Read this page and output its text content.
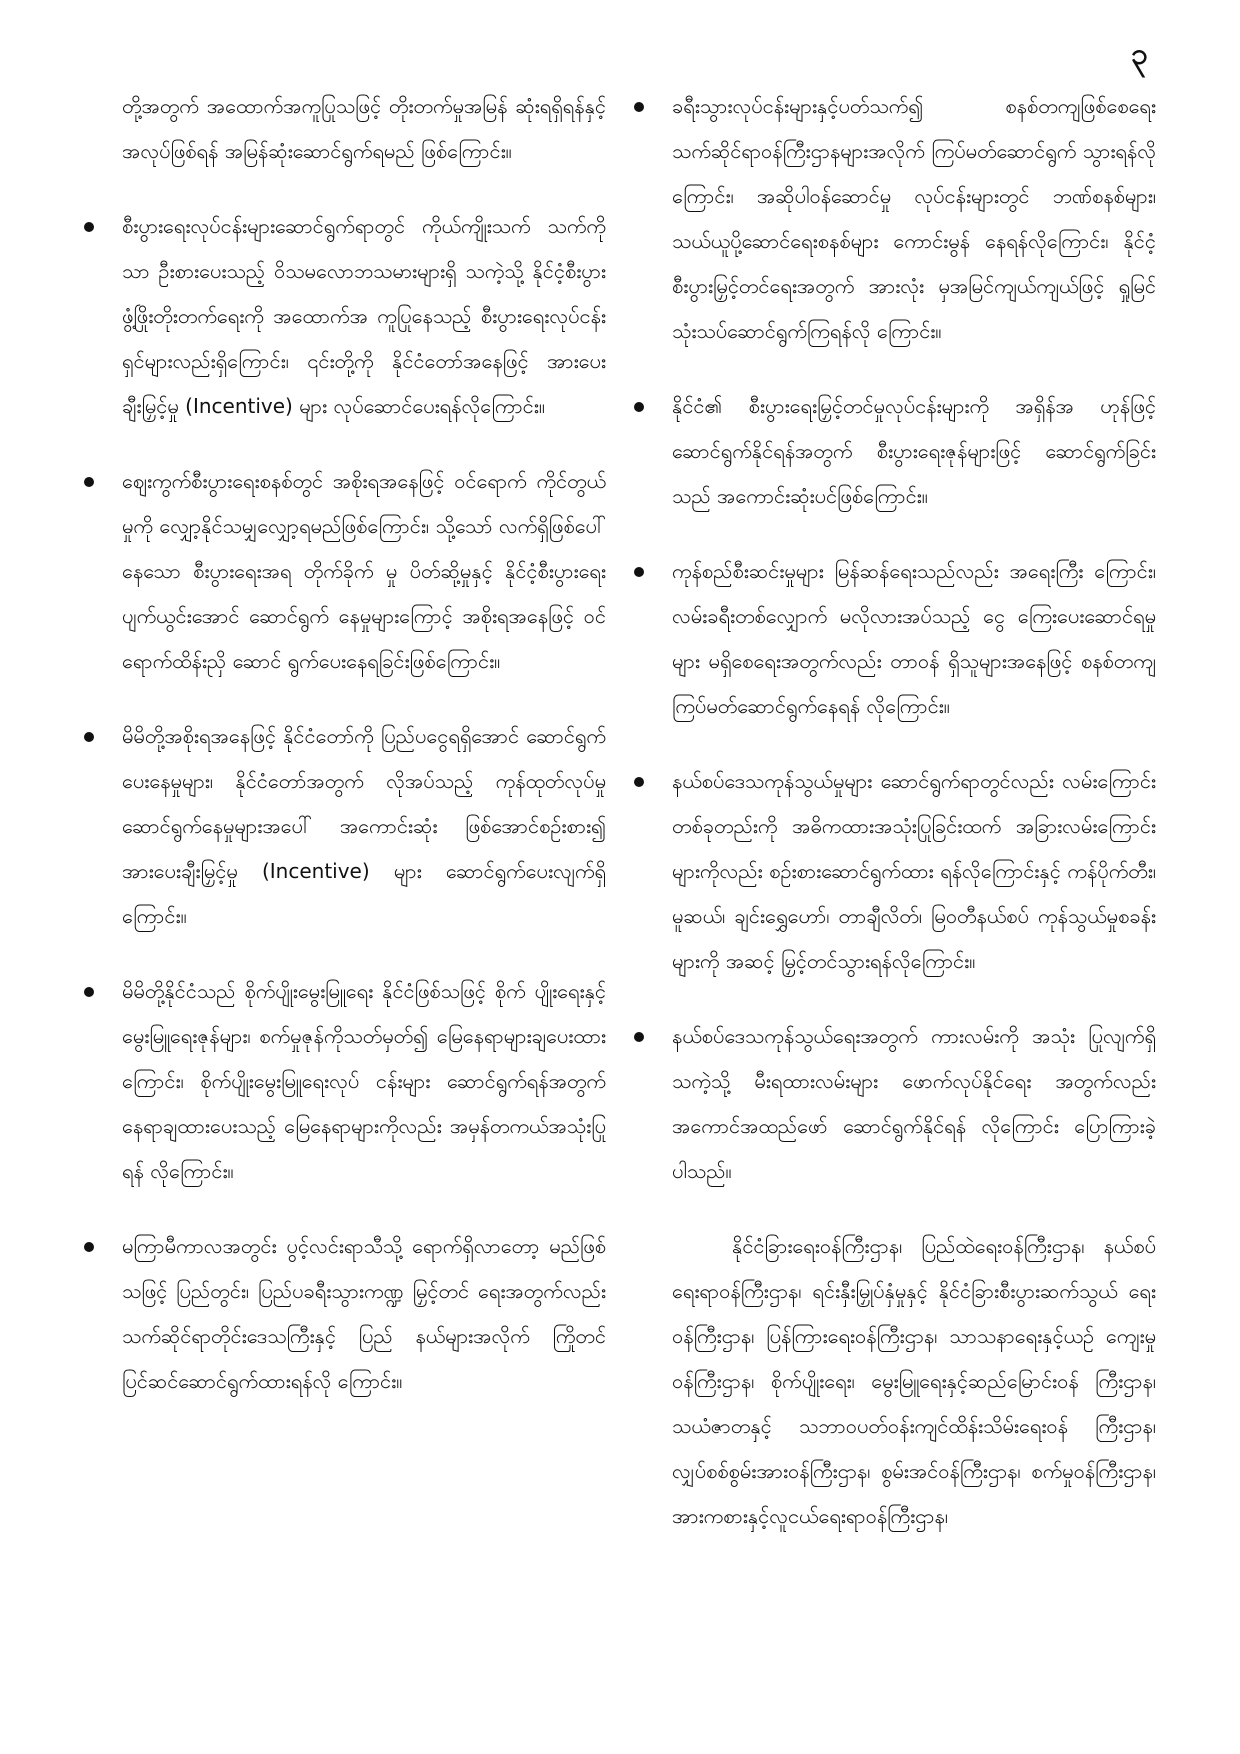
၃

တို့အတွက် အထောက်အကူပြုသဖြင့် တိုးတက်မှုအမြန် ဆုံးရရှိရန်နှင့် အလုပ်ဖြစ်ရန် အမြန်ဆုံးဆောင်ရွက်ရမည် ဖြစ်ကြောင်း။

စီးပွားရေးလုပ်ငန်းများဆောင်ရွက်ရာတွင် ကိုယ်ကျိုးသက် သက်ကိုသာ ဦးစားပေးသည့် ဝိသမလောဘသမားများရှိ သကဲ့သို့ နိုင်ငံ့စီးပွားဖွံ့ဖြိုးတိုးတက်ရေးကို အထောက်အ ကူပြုနေသည့် စီးပွားရေးလုပ်ငန်းရှင်များလည်းရှိကြောင်း၊ ၎င်းတို့ကို နိုင်ငံတော်အနေဖြင့် အားပေးချီးမြှင့်မှု (Incentive) များ လုပ်ဆောင်ပေးရန်လိုကြောင်း။
ဈေးကွက်စီးပွားရေးစနစ်တွင် အစိုးရအနေဖြင့် ဝင်ရောက် ကိုင်တွယ်မှုကို လျှော့နိုင်သမျှလျှော့ရမည်ဖြစ်ကြောင်း၊ သို့သော် လက်ရှိဖြစ်ပေါ်နေသော စီးပွားရေးအရ တိုက်ခိုက် မှု ပိတ်ဆို့မှုနှင့် နိုင်ငံ့စီးပွားရေးပျက်ယွင်းအောင် ဆောင်ရွက် နေမှုများကြောင့် အစိုးရအနေဖြင့် ဝင်ရောက်ထိန်းညှိ ဆောင် ရွက်ပေးနေရခြင်းဖြစ်ကြောင်း။
မိမိတို့အစိုးရအနေဖြင့် နိုင်ငံတော်ကို ပြည်ပငွေရရှိအောင် ဆောင်ရွက်ပေးနေမှုများ၊ နိုင်ငံတော်အတွက် လိုအပ်သည့် ကုန်ထုတ်လုပ်မှု ဆောင်ရွက်နေမှုများအပေါ် အကောင်းဆုံး ဖြစ်အောင်စဉ်းစား၍ အားပေးချီးမြှင့်မှု (Incentive) များ ဆောင်ရွက်ပေးလျက်ရှိကြောင်း။
မိမိတို့နိုင်ငံသည် စိုက်ပျိုးမွေးမြူရေး နိုင်ငံဖြစ်သဖြင့် စိုက် ပျိုးရေးနှင့် မွေးမြူရေးဇုန်များ၊ စက်မှုဇုန်ကိုသတ်မှတ်၍ မြေနေရာများချပေးထားကြောင်း၊ စိုက်ပျိုးမွေးမြူရေးလုပ် ငန်းများ ဆောင်ရွက်ရန်အတွက် နေရာချထားပေးသည့် မြေနေရာများကိုလည်း အမှန်တကယ်အသုံးပြုရန် လိုကြောင်း။
မကြာမီကာလအတွင်း ပွင့်လင်းရာသီသို့ ရောက်ရှိလာတော့ မည်ဖြစ်သဖြင့် ပြည်တွင်း၊ ပြည်ပခရီးသွားကဏ္ဍ မြှင့်တင် ရေးအတွက်လည်း သက်ဆိုင်ရာတိုင်းဒေသကြီးနှင့် ပြည် နယ်များအလိုက် ကြိုတင်ပြင်ဆင်ဆောင်ရွက်ထားရန်လို ကြောင်း။
ခရီးသွားလုပ်ငန်းများနှင့်ပတ်သက်၍ စနစ်တကျဖြစ်စေရေး သက်ဆိုင်ရာဝန်ကြီးဌာနများအလိုက် ကြပ်မတ်ဆောင်ရွက် သွားရန်လိုကြောင်း၊ အဆိုပါဝန်ဆောင်မှု လုပ်ငန်းများတွင် ဘဏ်စနစ်များ၊ သယ်ယူပို့ဆောင်ရေးစနစ်များ ကောင်းမွန် နေရန်လိုကြောင်း၊ နိုင်ငံ့စီးပွားမြှင့်တင်ရေးအတွက် အားလုံး မှအမြင်ကျယ်ကျယ်ဖြင့် ရှုမြင်သုံးသပ်ဆောင်ရွက်ကြရန်လို ကြောင်း။
နိုင်ငံ၏ စီးပွားရေးမြှင့်တင်မှုလုပ်ငန်းများကို အရှိန်အ ဟုန်ဖြင့် ဆောင်ရွက်နိုင်ရန်အတွက် စီးပွားရေးဇုန်များဖြင့် ဆောင်ရွက်ခြင်းသည် အကောင်းဆုံးပင်ဖြစ်ကြောင်း။
ကုန်စည်စီးဆင်းမှုများ မြန်ဆန်ရေးသည်လည်း အရေးကြီး ကြောင်း၊ လမ်းခရီးတစ်လျှောက် မလိုလားအပ်သည့် ငွေ ကြေးပေးဆောင်ရမှုများ မရှိစေရေးအတွက်လည်း တာဝန် ရှိသူများအနေဖြင့် စနစ်တကျ ကြပ်မတ်ဆောင်ရွက်နေရန် လိုကြောင်း။
နယ်စပ်ဒေသကုန်သွယ်မှုများ ဆောင်ရွက်ရာတွင်လည်း လမ်းကြောင်းတစ်ခုတည်းကို အဓိကထားအသုံးပြုခြင်းထက် အခြားလမ်းကြောင်းများကိုလည်း စဉ်းစားဆောင်ရွက်ထား ရန်လိုကြောင်းနှင့် ကန်ပိုက်တီး၊ မူဆယ်၊ ချင်းရွှေဟော်၊ တာချီလိတ်၊ မြဝတီနယ်စပ် ကုန်သွယ်မှုစခန်းများကို အဆင့် မြှင့်တင်သွားရန်လိုကြောင်း။
နယ်စပ်ဒေသကုန်သွယ်ရေးအတွက် ကားလမ်းကို အသုံး ပြုလျက်ရှိသကဲ့သို့ မီးရထားလမ်းများ ဖောက်လုပ်နိုင်ရေး အတွက်လည်း အကောင်အထည်ဖော် ဆောင်ရွက်နိုင်ရန် လိုကြောင်း ပြောကြားခဲ့ပါသည်။

နိုင်ငံခြားရေးဝန်ကြီးဌာန၊ ပြည်ထဲရေးဝန်ကြီးဌာန၊ နယ်စပ် ရေးရာဝန်ကြီးဌာန၊ ရင်းနှီးမြှုပ်နှံမှုနှင့် နိုင်ငံခြားစီးပွားဆက်သွယ် ရေးဝန်ကြီးဌာန၊ ပြန်ကြားရေးဝန်ကြီးဌာန၊ သာသနာရေးနှင့်ယဉ် ကျေးမှုဝန်ကြီးဌာန၊ စိုက်ပျိုးရေး၊ မွေးမြူရေးနှင့်ဆည်မြောင်းဝန် ကြီးဌာန၊ သယံဇာတနှင့် သဘာဝပတ်ဝန်းကျင်ထိန်းသိမ်းရေးဝန် ကြီးဌာန၊ လျှပ်စစ်စွမ်းအားဝန်ကြီးဌာန၊ စွမ်းအင်ဝန်ကြီးဌာန၊ စက်မှုဝန်ကြီးဌာန၊ အားကစားနှင့်လူငယ်ရေးရာဝန်ကြီးဌာန၊
